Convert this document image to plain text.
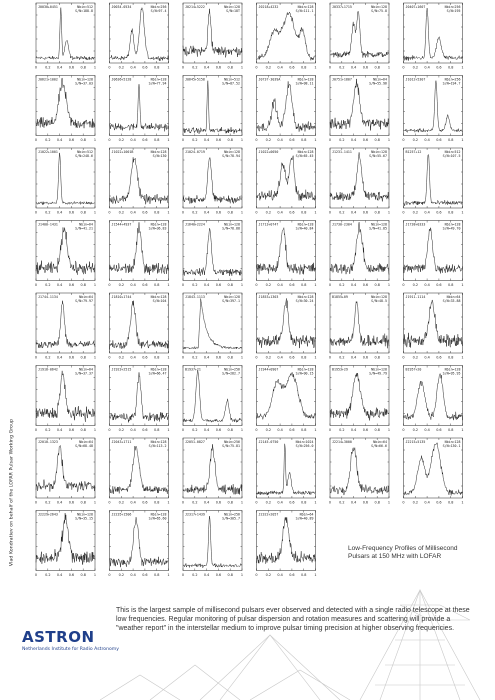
0 0.2 0.4 0.6 0.8 1
J0030+0451	Nbin=512
S/N=188.8
0 0.2 0.4 0.6 0.8 1
J0034-0534	Nbin=256
S/N=97.4
0 0.2 0.4 0.6 0.8 1
J0214+5222	Nbin=128
S/N=18T
0 0.2 0.4 0.6 0.8 1
J0218+4232	Nbin=128
S/N=111.1
0 0.2 0.4 0.6 0.8 1
J0337+1715	Nbin=128
S/N=75.8
0 0.2 0.4 0.6 0.8 1
J0407+1607	Nbin=256
S/N=195
0 0.2 0.4 0.6 0.8 1
J0621+1002	Nbin=128
S/N=37.03
0 0.2 0.4 0.6 0.8 1
J0636+5128	Nbin=128
S/N=77.94
0 0.2 0.4 0.6 0.8 1
J0645+5158	Nbin=512
S/N=87.52
0 0.2 0.4 0.6 0.8 1
J0737-3039A	Nbin=128
S/N=98.11
0 0.2 0.4 0.6 0.8 1
J0751+1807	Nbin=64
S/N=55.96
0 0.2 0.4 0.6 0.8 1
J1012+5307	Nbin=256
S/N=194.7
0 0.2 0.4 0.6 0.8 1
J1022+1001	Nbin=512
S/N=248.6
0 0.2 0.4 0.6 0.8 1
J1022+1001B	Nbin=128
S/N=130
0 0.2 0.4 0.6 0.8 1
J1024-0719	Nbin=128
S/N=78.94
0 0.2 0.4 0.6 0.8 1
J1022+0050	Nbin=128
S/N=65.45
0 0.2 0.4 0.6 0.8 1
J1231-1411	Nbin=128
S/N=55.67
0 0.2 0.4 0.6 0.8 1
B1257+12	Nbin=512
S/N=107.5
0 0.2 0.4 0.6 0.8 1
J1400-1431	Nbin=64
S/N=41.21
0 0.2 0.4 0.6 0.8 1
J1544+4937	Nbin=128
S/N=36.83
0 0.2 0.4 0.6 0.8 1
J1640+2224	Nbin=128
S/N=78.88
0 0.2 0.4 0.6 0.8 1
J1713+0747	Nbin=128
S/N=40.84
0 0.2 0.4 0.6 0.8 1
J1730-2304	Nbin=128
S/N=41.85
0 0.2 0.4 0.6 0.8 1
J1738+0333	Nbin=128
S/N=49.70
0 0.2 0.4 0.6 0.8 1
J1744-1134	Nbin=64
S/N=79.97
0 0.2 0.4 0.6 0.8 1
J1810+1744	Nbin=128
S/N=104
0 0.2 0.4 0.6 0.8 1
J1843-1113	Nbin=128
S/N=397.1
0 0.2 0.4 0.6 0.8 1
J1853+1303	Nbin=128
S/N=30.24
0 0.2 0.4 0.6 0.8 1
B1855+09	Nbin=128
S/N=48.5
0 0.2 0.4 0.6 0.8 1
J1911-1114	Nbin=64
S/N=33.88
0 0.2 0.4 0.6 0.8 1
J1918-0642	Nbin=64
S/N=37.37
0 0.2 0.4 0.6 0.8 1
J1923+2515	Nbin=128
S/N=66.47
0 0.2 0.4 0.6 0.8 1
B1937+21	Nbin=256
S/N=282.7
0 0.2 0.4 0.6 0.8 1
J1944+0907	Nbin=128
S/N=90.15
0 0.2 0.4 0.6 0.8 1
B1953+29	Nbin=128
S/N=49.79
0 0.2 0.4 0.6 0.8 1
B1957+20	Nbin=128
S/N=95.95
0 0.2 0.4 0.6 0.8 1
J2010-1323	Nbin=64
S/N=68.48
0 0.2 0.4 0.6 0.8 1
J2043+1711	Nbin=128
S/N=113.2
0 0.2 0.4 0.6 0.8 1
J2051-0827	Nbin=256
S/N=75.81
0 0.2 0.4 0.6 0.8 1
J2145-0750	Nbin=1024
S/N=256.0
0 0.2 0.4 0.6 0.8 1
J2214+3000	Nbin=64
S/N=66.6
0 0.2 0.4 0.6 0.8 1
J2215+5135	Nbin=128
S/N=130.1
0 0.2 0.4 0.6 0.8 1
J2229+2643	Nbin=128
S/N=35.15
0 0.2 0.4 0.6 0.8 1
J2235+1506	Nbin=128
S/N=65.60
0 0.2 0.4 0.6 0.8 1
J2317+1439	Nbin=256
S/N=305.7
0 0.2 0.4 0.6 0.8 1
J2322+2057	Nbin=64
S/N=40.89
Vlad Kondratiev on behalf of the LOFAR Pulsar Working Group	Low-Frequency Profiles of Millisecond Pulsars at 150 MHz with LOFAR
This is the largest sample of millisecond pulsars ever observed and detected with a single radio telescope at these low frequencies. Regular monitoring of pulsar dispersion and rotation measures and scattering will provide a "weather report" in the interstellar medium to improve pulsar timing precision at higher observing frequencies.
ASTRON
Netherlands Institute for Radio Astronomy
